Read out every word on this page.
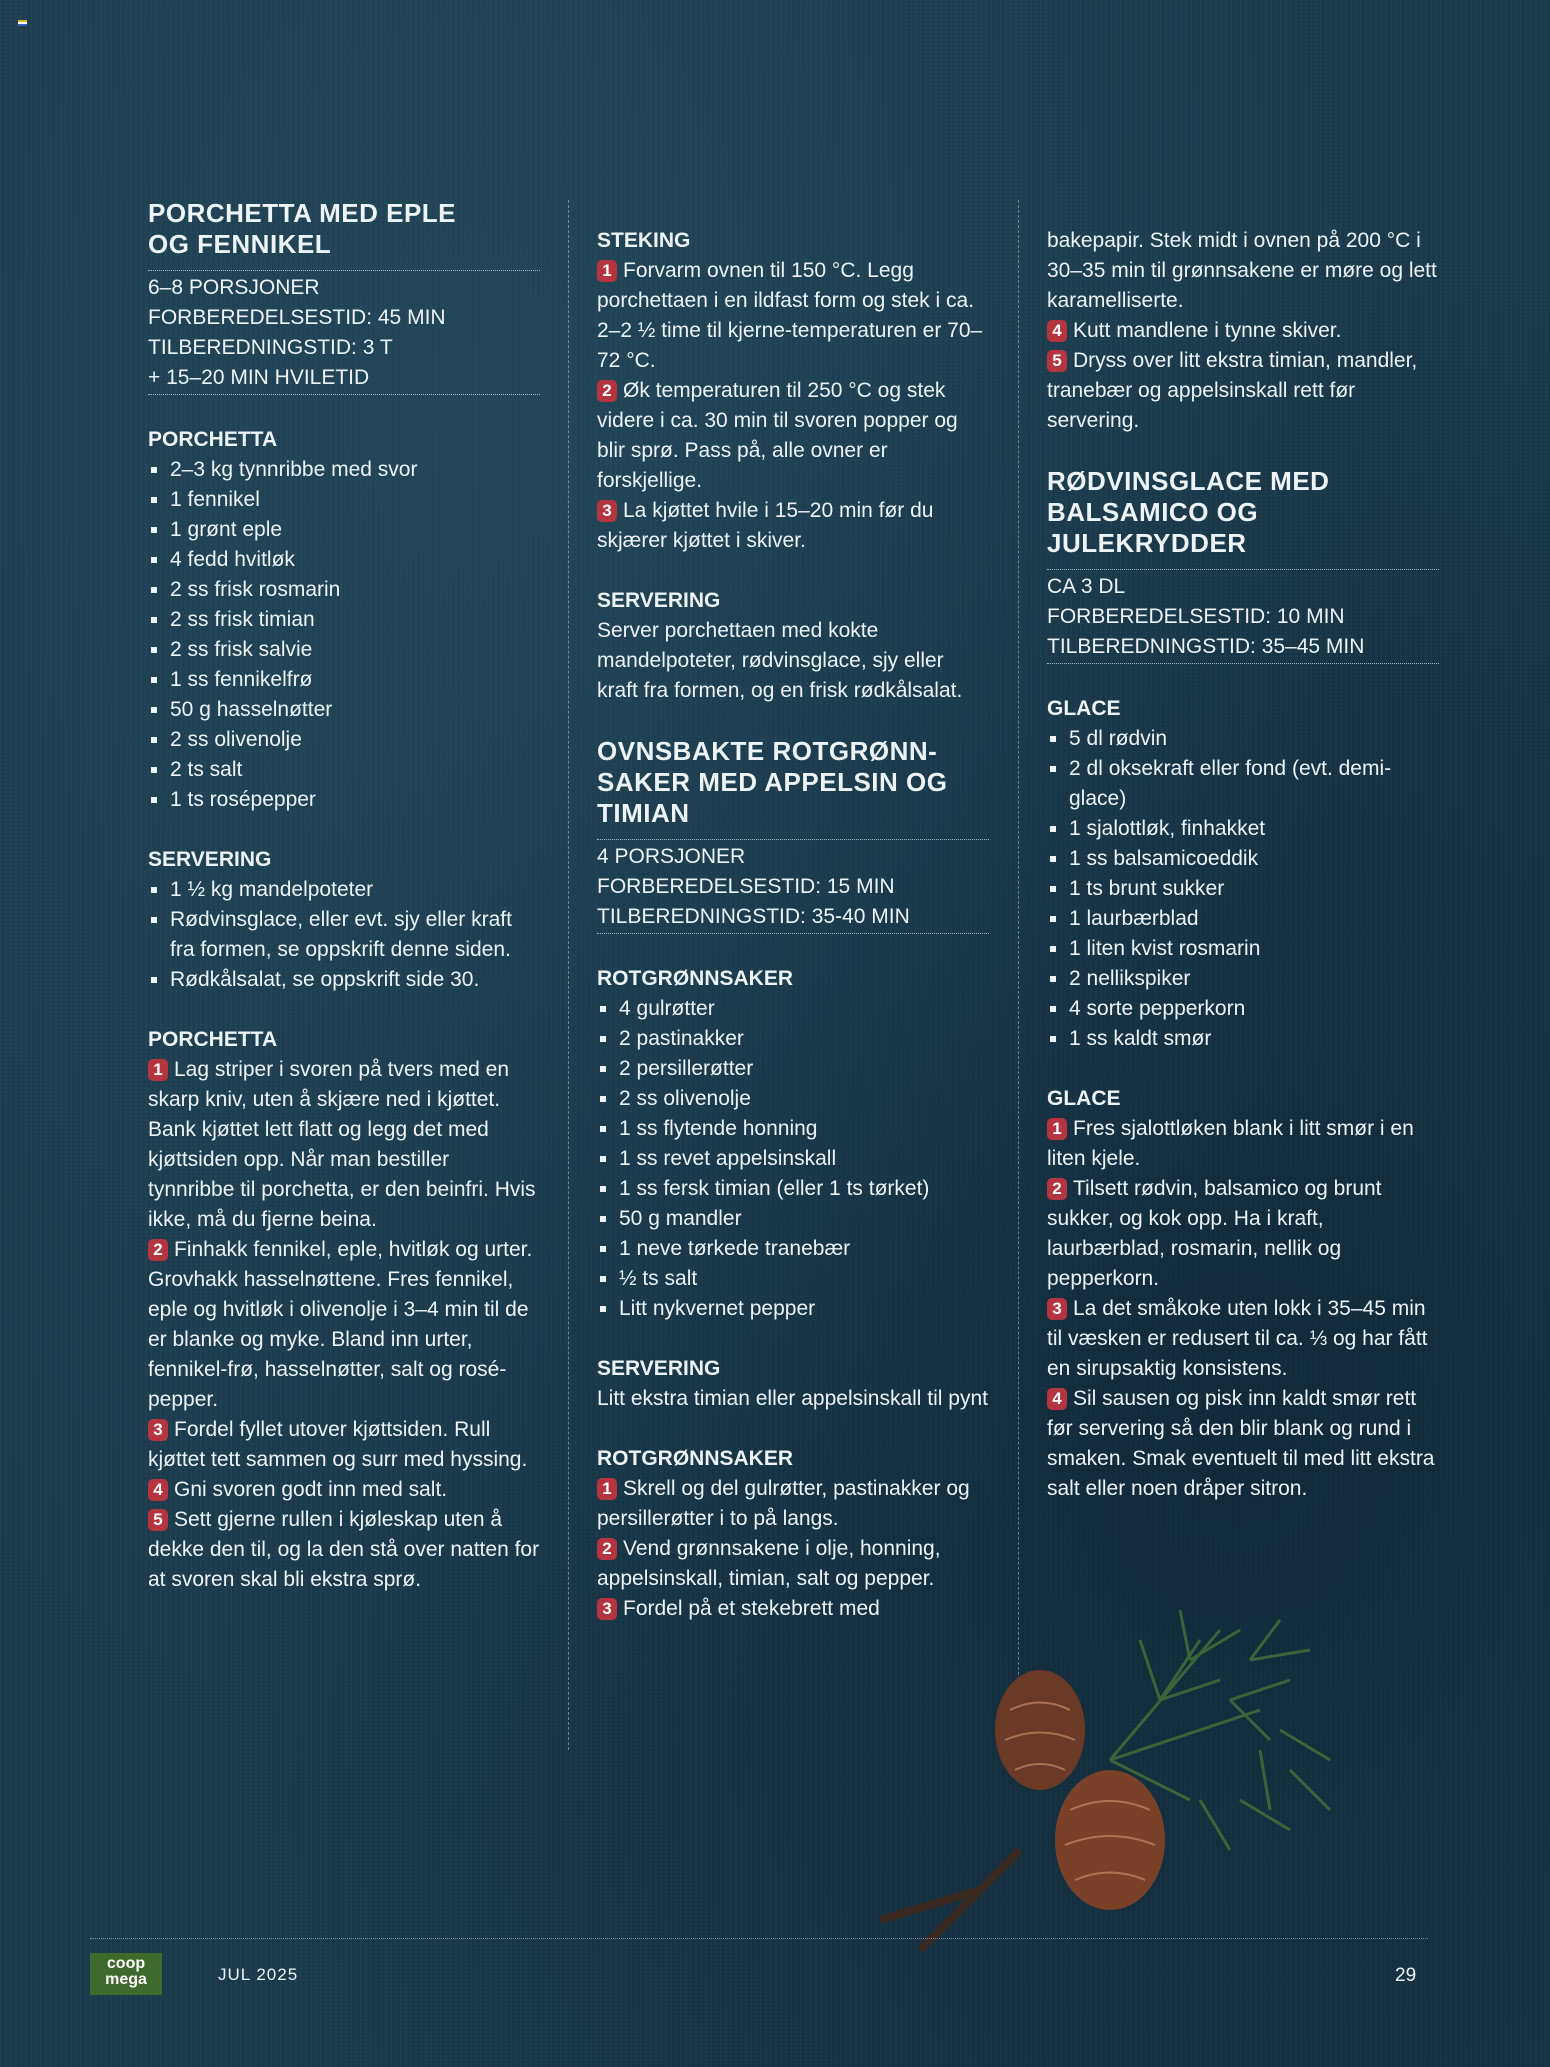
PORCHETTA MED EPLE
OG FENNIKEL
6–8 PORSJONER
FORBEREDELSESTID: 45 MIN
TILBEREDNINGSTID: 3 T
+ 15–20 MIN HVILETID
PORCHETTA
2–3 kg tynnribbe med svor
1 fennikel
1 grønt eple
4 fedd hvitløk
2 ss frisk rosmarin
2 ss frisk timian
2 ss frisk salvie
1 ss fennikelfrø
50 g hasselnøtter
2 ss olivenolje
2 ts salt
1 ts rosépepper
SERVERING
1 ½ kg mandelpoteter
Rødvinsglace, eller evt. sjy eller kraft fra formen, se oppskrift denne siden.
Rødkålsalat, se oppskrift side 30.
PORCHETTA

1 Lag striper i svoren på tvers med en skarp kniv, uten å skjære ned i kjøttet. Bank kjøttet lett flatt og legg det med kjøttsiden opp. Når man bestiller tynnribbe til porchetta, er den beinfri. Hvis ikke, må du fjerne beina.

2 Finhakk fennikel, eple, hvitløk og urter. Grovhakk hasselnøttene. Fres fennikel, eple og hvitløk i olivenolje i 3–4 min til de er blanke og myke. Bland inn urter, fennikel-frø, hasselnøtter, salt og rosé-pepper.

3 Fordel fyllet utover kjøttsiden. Rull kjøttet tett sammen og surr med hyssing.

4 Gni svoren godt inn med salt.

5 Sett gjerne rullen i kjøleskap uten å dekke den til, og la den stå over natten for at svoren skal bli ekstra sprø.

STEKING

1 Forvarm ovnen til 150 °C. Legg porchettaen i en ildfast form og stek i ca. 2–2 ½ time til kjerne-temperaturen er 70–72 °C.

2 Øk temperaturen til 250 °C og stek videre i ca. 30 min til svoren popper og blir sprø. Pass på, alle ovner er forskjellige.

3 La kjøttet hvile i 15–20 min før du skjærer kjøttet i skiver.

SERVERING

Server porchettaen med kokte mandelpoteter, rødvinsglace, sjy eller kraft fra formen, og en frisk rødkålsalat.

OVNSBAKTE ROTGRØNN-
SAKER MED APPELSIN OG
TIMIAN
4 PORSJONER
FORBEREDELSESTID: 15 MIN
TILBEREDNINGSTID: 35-40 MIN
ROTGRØNNSAKER
4 gulrøtter
2 pastinakker
2 persillerøtter
2 ss olivenolje
1 ss flytende honning
1 ss revet appelsinskall
1 ss fersk timian (eller 1 ts tørket)
50 g mandler
1 neve tørkede tranebær
½ ts salt
Litt nykvernet pepper
SERVERING

Litt ekstra timian eller appelsinskall til pynt

ROTGRØNNSAKER

1 Skrell og del gulrøtter, pastinakker og persillerøtter i to på langs.

2 Vend grønnsakene i olje, honning, appelsinskall, timian, salt og pepper.

3 Fordel på et stekebrett med

bakepapir. Stek midt i ovnen på 200 °C i 30–35 min til grønnsakene er møre og lett karamelliserte.

4 Kutt mandlene i tynne skiver.

5 Dryss over litt ekstra timian, mandler, tranebær og appelsinskall rett før servering.

RØDVINSGLACE MED
BALSAMICO OG
JULEKRYDDER
CA 3 DL
FORBEREDELSESTID: 10 MIN
TILBEREDNINGSTID: 35–45 MIN
GLACE
5 dl rødvin
2 dl oksekraft eller fond (evt. demi-glace)
1 sjalottløk, finhakket
1 ss balsamicoeddik
1 ts brunt sukker
1 laurbærblad
1 liten kvist rosmarin
2 nellikspiker
4 sorte pepperkorn
1 ss kaldt smør
GLACE

1 Fres sjalottløken blank i litt smør i en liten kjele.

2 Tilsett rødvin, balsamico og brunt sukker, og kok opp. Ha i kraft, laurbærblad, rosmarin, nellik og pepperkorn.

3 La det småkoke uten lokk i 35–45 min til væsken er redusert til ca. ⅓ og har fått en sirupsaktig konsistens.

4 Sil sausen og pisk inn kaldt smør rett før servering så den blir blank og rund i smaken. Smak eventuelt til med litt ekstra salt eller noen dråper sitron.

coop
mega	JUL 2025	29
